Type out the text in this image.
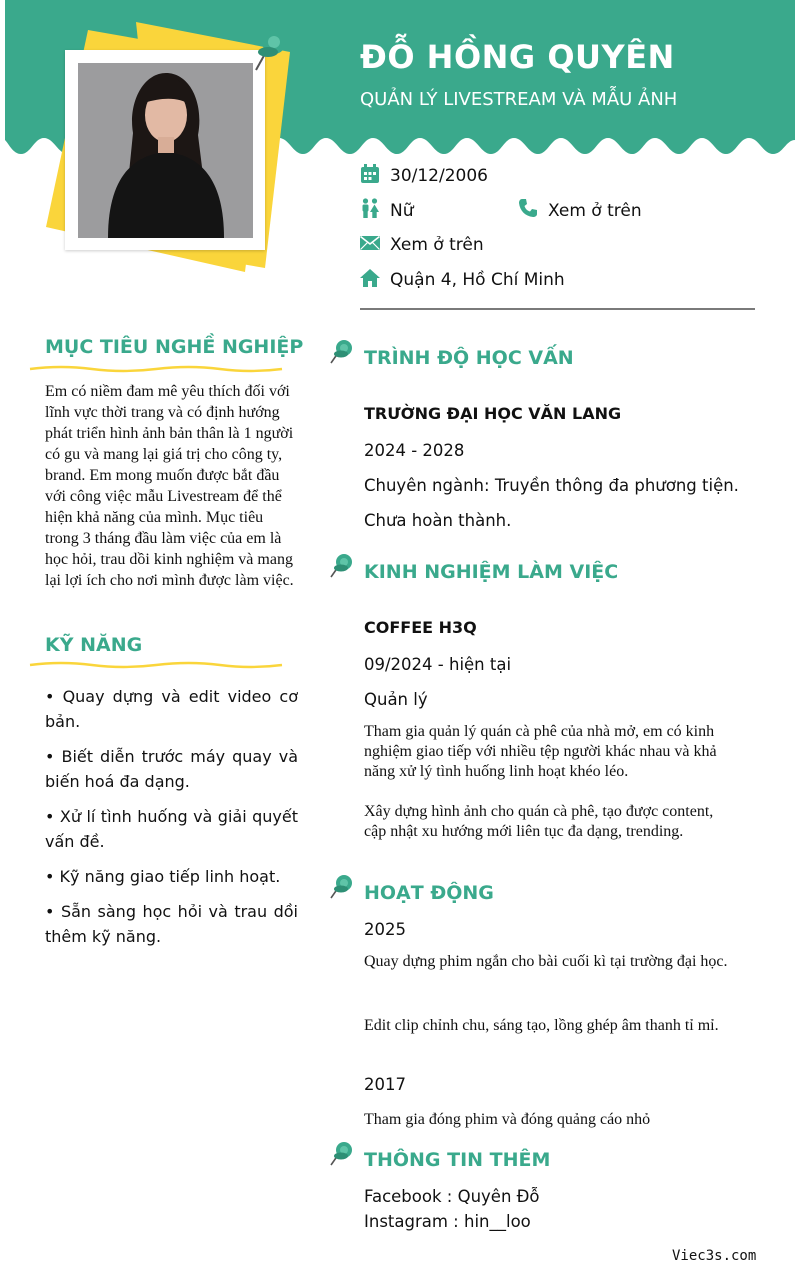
ĐỖ HỒNG QUYÊN
QUẢN LÝ LIVESTREAM VÀ MẪU ẢNH
30/12/2006
Nữ	Xem ở trên
Xem ở trên
Quận 4, Hồ Chí Minh
MỤC TIÊU NGHỀ NGHIỆP
Em có niềm đam mê yêu thích đối với lĩnh vực thời trang và có định hướng phát triển hình ảnh bản thân là 1 người có gu và mang lại giá trị cho công ty, brand. Em mong muốn được bắt đầu với công việc mẫu Livestream để thể hiện khả năng của mình. Mục tiêu trong 3 tháng đầu làm việc của em là học hỏi, trau dồi kinh nghiệm và mang lại lợi ích cho nơi mình được làm việc.
KỸ NĂNG
• Quay dựng và edit video cơ bản.
• Biết diễn trước máy quay và biến hoá đa dạng.
• Xử lí tình huống và giải quyết vấn đề.
• Kỹ năng giao tiếp linh hoạt.
• Sẵn sàng học hỏi và trau dồi thêm kỹ năng.
TRÌNH ĐỘ HỌC VẤN
TRƯỜNG ĐẠI HỌC VĂN LANG
2024 - 2028
Chuyên ngành: Truyền thông đa phương tiện.
Chưa hoàn thành.
KINH NGHIỆM LÀM VIỆC
COFFEE H3Q
09/2024 - hiện tại
Quản lý
Tham gia quản lý quán cà phê của nhà mở, em có kinh nghiệm giao tiếp với nhiều tệp người khác nhau và khả năng xử lý tình huống linh hoạt khéo léo.
Xây dựng hình ảnh cho quán cà phê, tạo được content, cập nhật xu hướng mới liên tục đa dạng, trending.
HOẠT ĐỘNG
2025
Quay dựng phim ngắn cho bài cuối kì tại trường đại học.
Edit clip chỉnh chu, sáng tạo, lồng ghép âm thanh tỉ mỉ.
2017
Tham gia đóng phim và đóng quảng cáo nhỏ
THÔNG TIN THÊM
Facebook : Quyên Đỗ
Instagram : hin__loo
Viec3s.com
